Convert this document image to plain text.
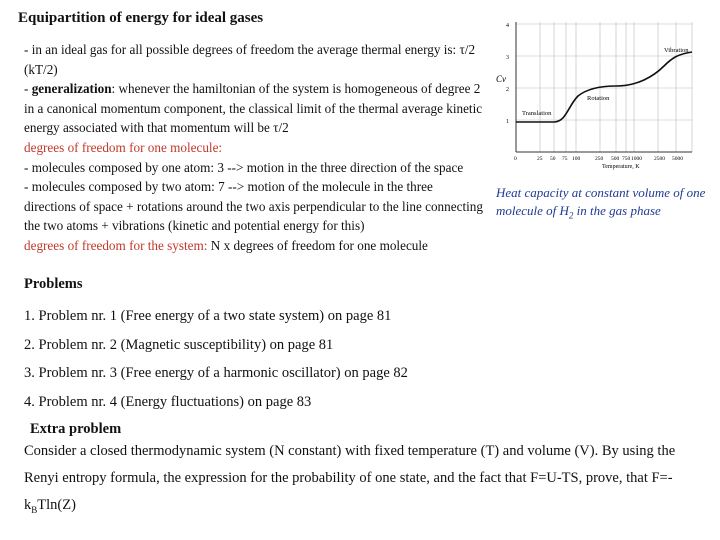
Equipartition of energy for ideal gases

- in an ideal gas for all possible degrees of freedom the average thermal energy is: τ/2 (kT/2)

- generalization: whenever the hamiltonian of the system is homogeneous of degree 2 in a canonical momentum component, the classical limit of the thermal average kinetic energy associated with that momentum will be τ/2

degrees of freedom for one molecule:

- molecules composed by one atom: 3 --> motion in the three direction of the space

- molecules composed by two atom: 7 --> motion of the molecule in the three directions of space + rotations around the two axis perpendicular to the line connecting the two atoms + vibrations (kinetic and potential energy for this)

degrees of freedom for the system: N x degrees of freedom for one molecule

Cv
4
3
2
1
0	25 50 75 100	250 500 750 1000 2500 5000
Temperature, K
Translation
Rotation
Vibration
Heat capacity at constant volume of one molecule of $H_2$ in the gas phase
Problems

1. Problem nr. 1 (Free energy of a two state system) on page 81

2. Problem nr. 2 (Magnetic susceptibility) on page 81

3. Problem nr. 3 (Free energy of a harmonic oscillator) on page 82

4. Problem nr. 4 (Energy fluctuations) on page 83

Extra problem

Consider a closed thermodynamic system (N constant) with fixed temperature (T) and volume (V). By using the Renyi entropy formula, the expression for the probability of one state, and the fact that F=U-TS, prove, that $F=-k_BTln(Z)$
